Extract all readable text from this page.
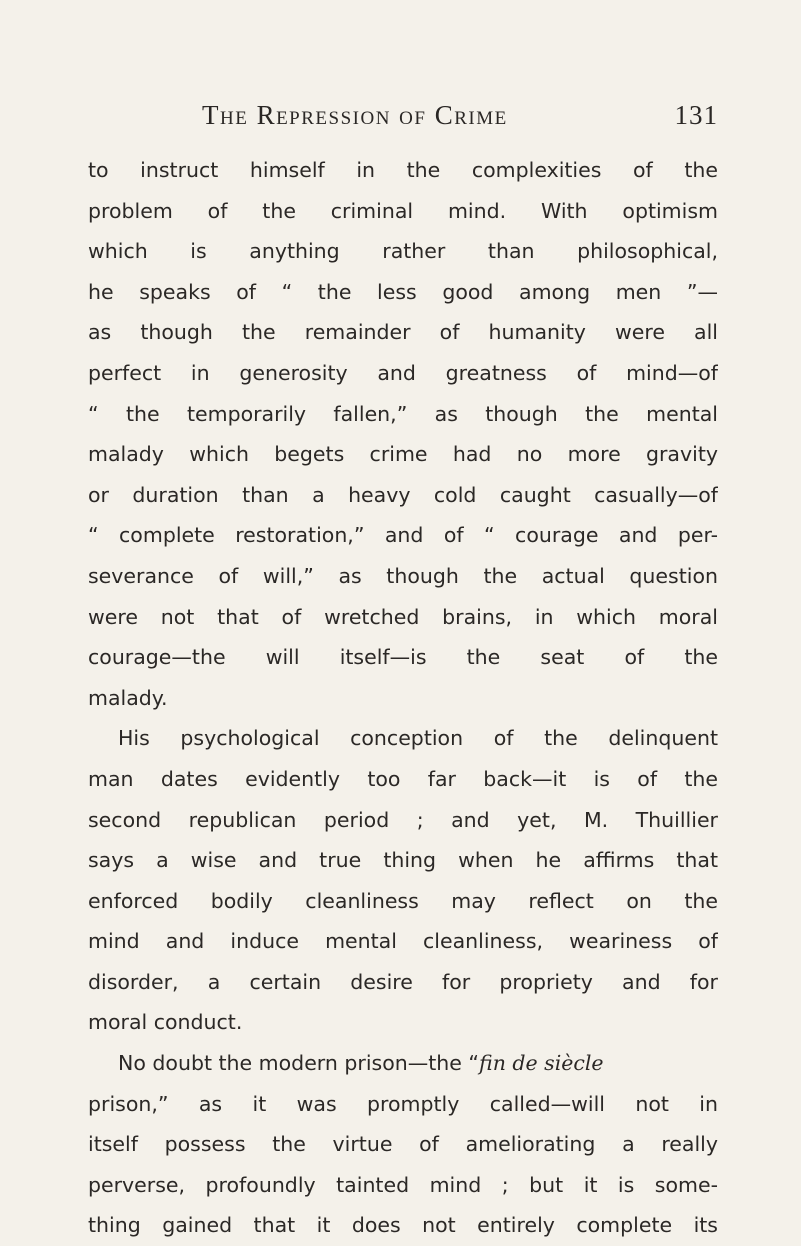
The Repression of Crime	131
to instruct himself in the complexities of the
problem of the criminal mind. With optimism
which is anything rather than philosophical,
he speaks of “ the less good among men ”—
as though the remainder of humanity were all
perfect in generosity and greatness of mind—of
“ the temporarily fallen,” as though the mental
malady which begets crime had no more gravity
or duration than a heavy cold caught casually—of
“ complete restoration,” and of “ courage and per-
severance of will,” as though the actual question
were not that of wretched brains, in which moral
courage—the will itself—is the seat of the
malady.
His psychological conception of the delinquent
man dates evidently too far back—it is of the
second republican period ; and yet, M. Thuillier
says a wise and true thing when he affirms that
enforced bodily cleanliness may reflect on the
mind and induce mental cleanliness, weariness of
disorder, a certain desire for propriety and for
moral conduct.
No doubt the modern prison—the “fin de siècle
prison,” as it was promptly called—will not in
itself possess the virtue of ameliorating a really
perverse, profoundly tainted mind ; but it is some-
thing gained that it does not entirely complete its
